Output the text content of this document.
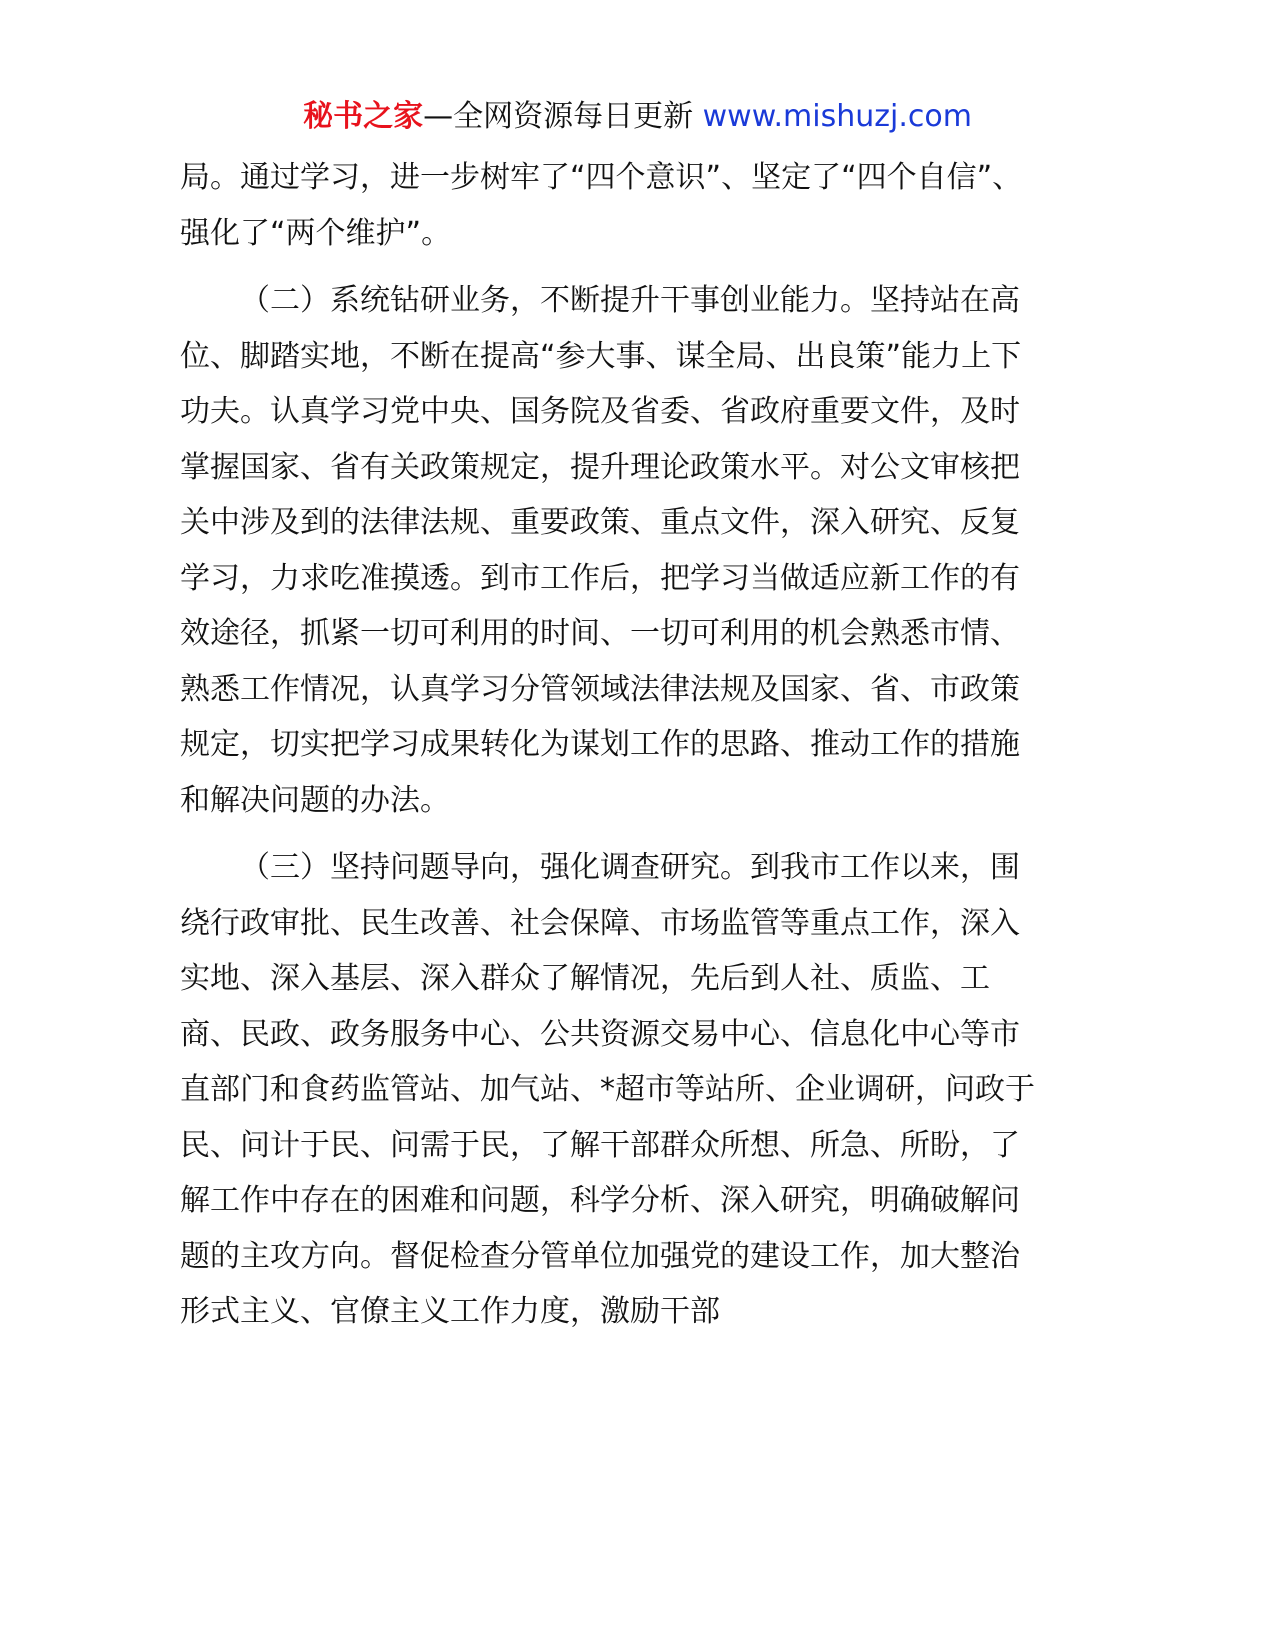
秘书之家—全网资源每日更新 www.mishuzj.com

局。通过学习，进一步树牢了“四个意识”、坚定了“四个自信”、强化了“两个维护”。

（二）系统钻研业务，不断提升干事创业能力。坚持站在高位、脚踏实地，不断在提高“参大事、谋全局、出良策”能力上下功夫。认真学习党中央、国务院及省委、省政府重要文件，及时掌握国家、省有关政策规定，提升理论政策水平。对公文审核把关中涉及到的法律法规、重要政策、重点文件，深入研究、反复学习，力求吃准摸透。到市工作后，把学习当做适应新工作的有效途径，抓紧一切可利用的时间、一切可利用的机会熟悉市情、熟悉工作情况，认真学习分管领域法律法规及国家、省、市政策规定，切实把学习成果转化为谋划工作的思路、推动工作的措施和解决问题的办法。

（三）坚持问题导向，强化调查研究。到我市工作以来，围绕行政审批、民生改善、社会保障、市场监管等重点工作，深入实地、深入基层、深入群众了解情况，先后到人社、质监、工商、民政、政务服务中心、公共资源交易中心、信息化中心等市直部门和食药监管站、加气站、*超市等站所、企业调研，问政于民、问计于民、问需于民，了解干部群众所想、所急、所盼，了解工作中存在的困难和问题，科学分析、深入研究，明确破解问题的主攻方向。督促检查分管单位加强党的建设工作，加大整治形式主义、官僚主义工作力度，激励干部
